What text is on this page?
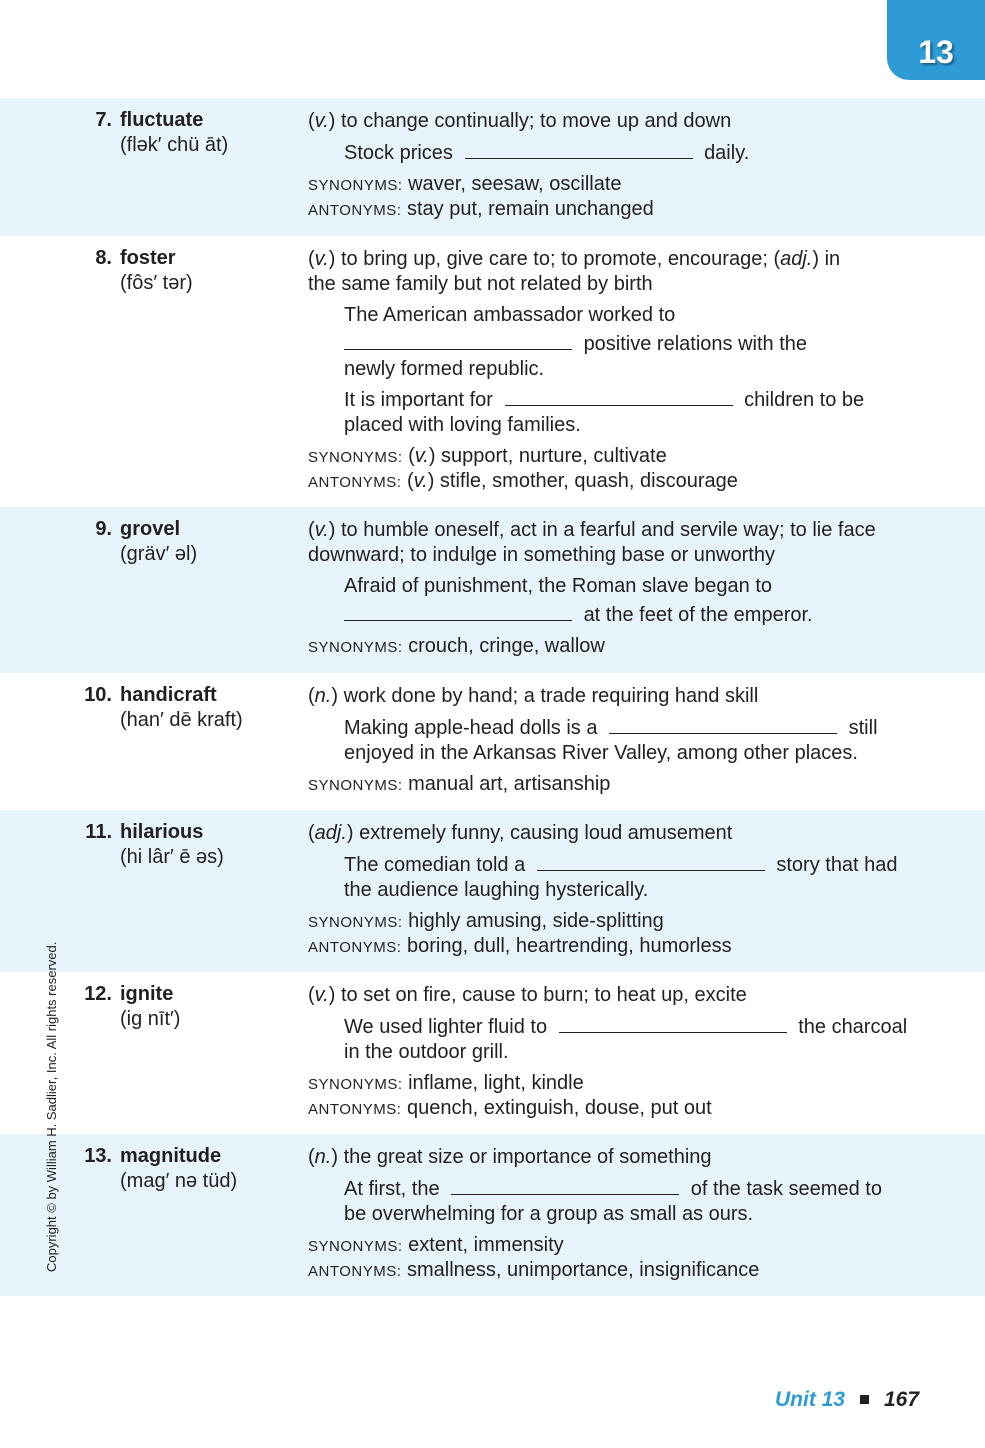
13
7. fluctuate
(flək′ chü āt)
(v.) to change continually; to move up and down
Stock prices	daily.
SYNONYMS: waver, seesaw, oscillate
ANTONYMS: stay put, remain unchanged
8. foster
(fôs′ tər)
(v.) to bring up, give care to; to promote, encourage; (adj.) in
the same family but not related by birth
The American ambassador worked to
positive relations with the
newly formed republic.
It is important for	children to be
placed with loving families.
SYNONYMS: (v.) support, nurture, cultivate
ANTONYMS: (v.) stifle, smother, quash, discourage
9. grovel
(gräv′ əl)
(v.) to humble oneself, act in a fearful and servile way; to lie face
downward; to indulge in something base or unworthy
Afraid of punishment, the Roman slave began to
at the feet of the emperor.
SYNONYMS: crouch, cringe, wallow
10. handicraft
(han′ dē kraft)
(n.) work done by hand; a trade requiring hand skill
Making apple-head dolls is a	still
enjoyed in the Arkansas River Valley, among other places.
SYNONYMS: manual art, artisanship
11. hilarious
(hi lâr′ ē əs)
(adj.) extremely funny, causing loud amusement
The comedian told a	story that had
the audience laughing hysterically.
SYNONYMS: highly amusing, side-splitting
ANTONYMS: boring, dull, heartrending, humorless
12. ignite
(ig nīt′)
(v.) to set on fire, cause to burn; to heat up, excite
We used lighter fluid to	the charcoal
in the outdoor grill.
SYNONYMS: inflame, light, kindle
ANTONYMS: quench, extinguish, douse, put out
13. magnitude
(mag′ nə tüd)
(n.) the great size or importance of something
At first, the	of the task seemed to
be overwhelming for a group as small as ours.
SYNONYMS: extent, immensity
ANTONYMS: smallness, unimportance, insignificance
Copyright © by William H. Sadlier, Inc. All rights reserved.
Unit 13 167
